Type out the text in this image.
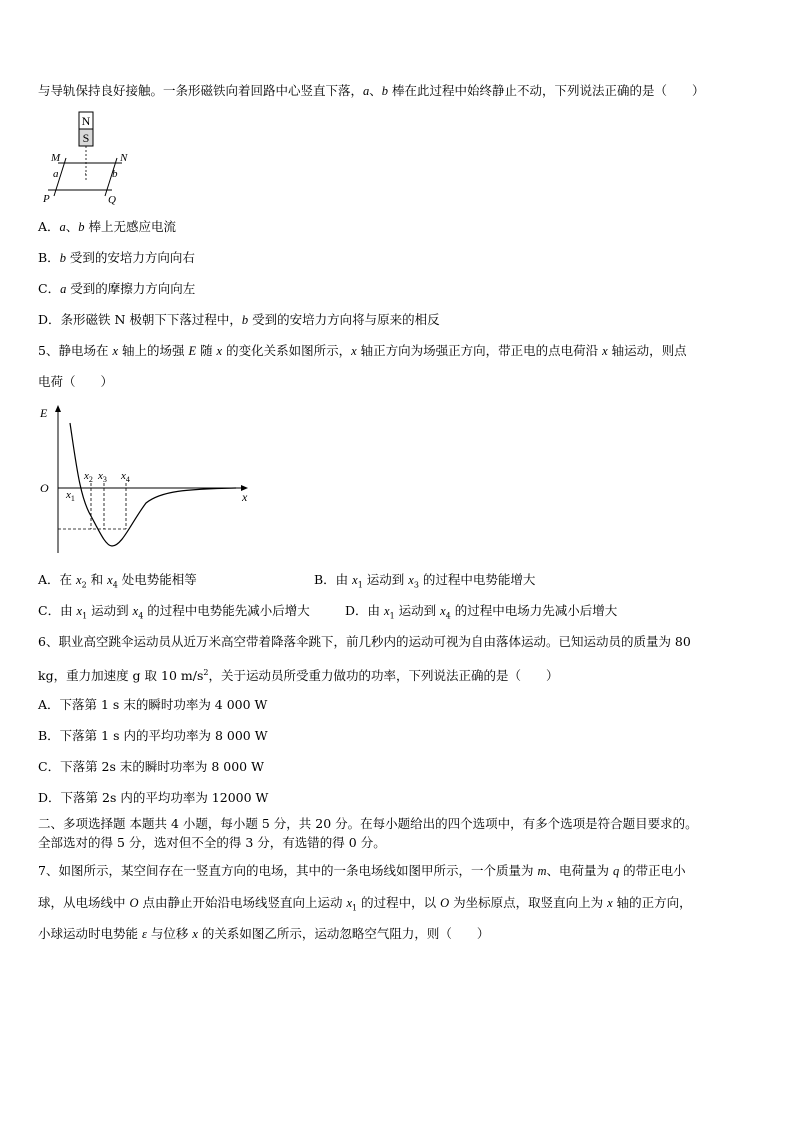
与导轨保持良好接触。一条形磁铁向着回路中心竖直下落，a、b 棒在此过程中始终静止不动，下列说法正确的是（　　）
N
S
M	N
P	Q
a	b
·
A．a、b 棒上无感应电流
B．b 受到的安培力方向向右
C．a 受到的摩擦力方向向左
D．条形磁铁 N 极朝下下落过程中，b 受到的安培力方向将与原来的相反
5、静电场在 x 轴上的场强 E 随 x 的变化关系如图所示，x 轴正方向为场强正方向，带正电的点电荷沿 x 轴运动，则点
电荷（　　）
E
O
x
$x_1$
$x_2$ $x_3$ $x_4$
A．在 $x_2$ 和 $x_4$ 处电势能相等	B．由 $x_1$ 运动到 $x_3$ 的过程中电势能增大
C．由 $x_1$ 运动到 $x_4$ 的过程中电势能先减小后增大	D．由 $x_1$ 运动到 $x_4$ 的过程中电场力先减小后增大
6、职业高空跳伞运动员从近万米高空带着降落伞跳下，前几秒内的运动可视为自由落体运动。已知运动员的质量为 80
kg，重力加速度 g 取 10 $m/s^2$，关于运动员所受重力做功的功率，下列说法正确的是（　　）
A．下落第 1 s 末的瞬时功率为 4 000 W
B．下落第 1 s 内的平均功率为 8 000 W
C．下落第 2s 末的瞬时功率为 8 000 W
D．下落第 2s 内的平均功率为 12000 W
二、多项选择题 本题共 4 小题，每小题 5 分，共 20 分。在每小题给出的四个选项中，有多个选项是符合题目要求的。
全部选对的得 5 分，选对但不全的得 3 分，有选错的得 0 分。
7、如图所示，某空间存在一竖直方向的电场，其中的一条电场线如图甲所示，一个质量为 m、电荷量为 q 的带正电小
球，从电场线中 O 点由静止开始沿电场线竖直向上运动 $x_1$ 的过程中，以 O 为坐标原点，取竖直向上为 x 轴的正方向，
小球运动时电势能 ε 与位移 x 的关系如图乙所示，运动忽略空气阻力，则（　　）
